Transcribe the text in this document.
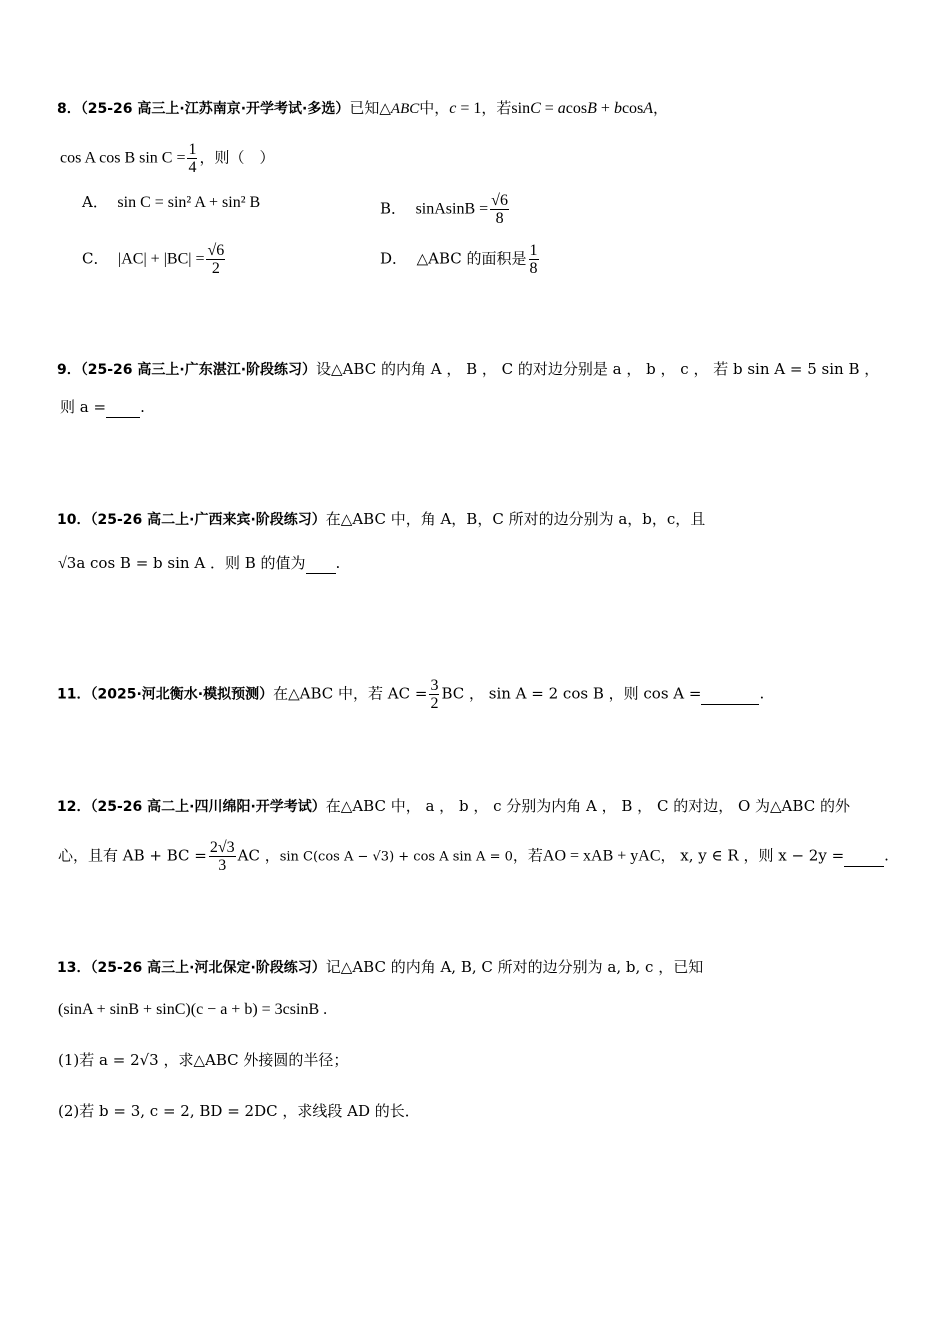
8．（25-26 高三上·江苏南京·开学考试·多选）已知△ABC中，c = 1，若sinC = acosB + bcosA，
cos A cos B $\sin C = \frac{1}{4}$ ，则（　）
A． sin C = sin² A + sin² B	B． sinAsinB = $\frac{√6}{8}$
C． $|AC| + |BC| = \frac{√6}{2}$	D． △ABC 的面积是 $\frac{1}{8}$
9．（25-26 高三上·广东湛江·阶段练习）设△ABC 的内角 A ， B ， C 的对边分别是 a ， b ， c ， 若 b sin A = 5 sin B ，
则 a = .
10．（25-26 高二上·广西来宾·阶段练习）在△ABC 中，角 A，B，C 所对的边分别为 a，b，c，且
√3a cos B = b sin A ．则 B 的值为 .
11．（2025·河北衡水·模拟预测）在△ABC 中，若 AC = $\frac{3}{2}$ BC ， sin A = 2 cos B ，则 cos A =	.
12．（25-26 高二上·四川绵阳·开学考试）在△ABC 中， a ， b ， c 分别为内角 A ， B ， C 的对边， O 为△ABC 的外
心，且有 AB + BC = $\frac{2√3}{3}$ AC ，sin C(cos A − √3) + cos A sin A = 0，若AO = xAB + yAC， x, y ∈ R ，则 x − 2y =	.
13．（25-26 高三上·河北保定·阶段练习）记△ABC 的内角 A, B, C 所对的边分别为 a, b, c ，已知
(sinA + sinB + sinC)(c − a + b) = 3csinB .
(1)若 a = 2√3 ，求△ABC 外接圆的半径；
(2)若 b = 3, c = 2, BD = 2DC ，求线段 AD 的长．
